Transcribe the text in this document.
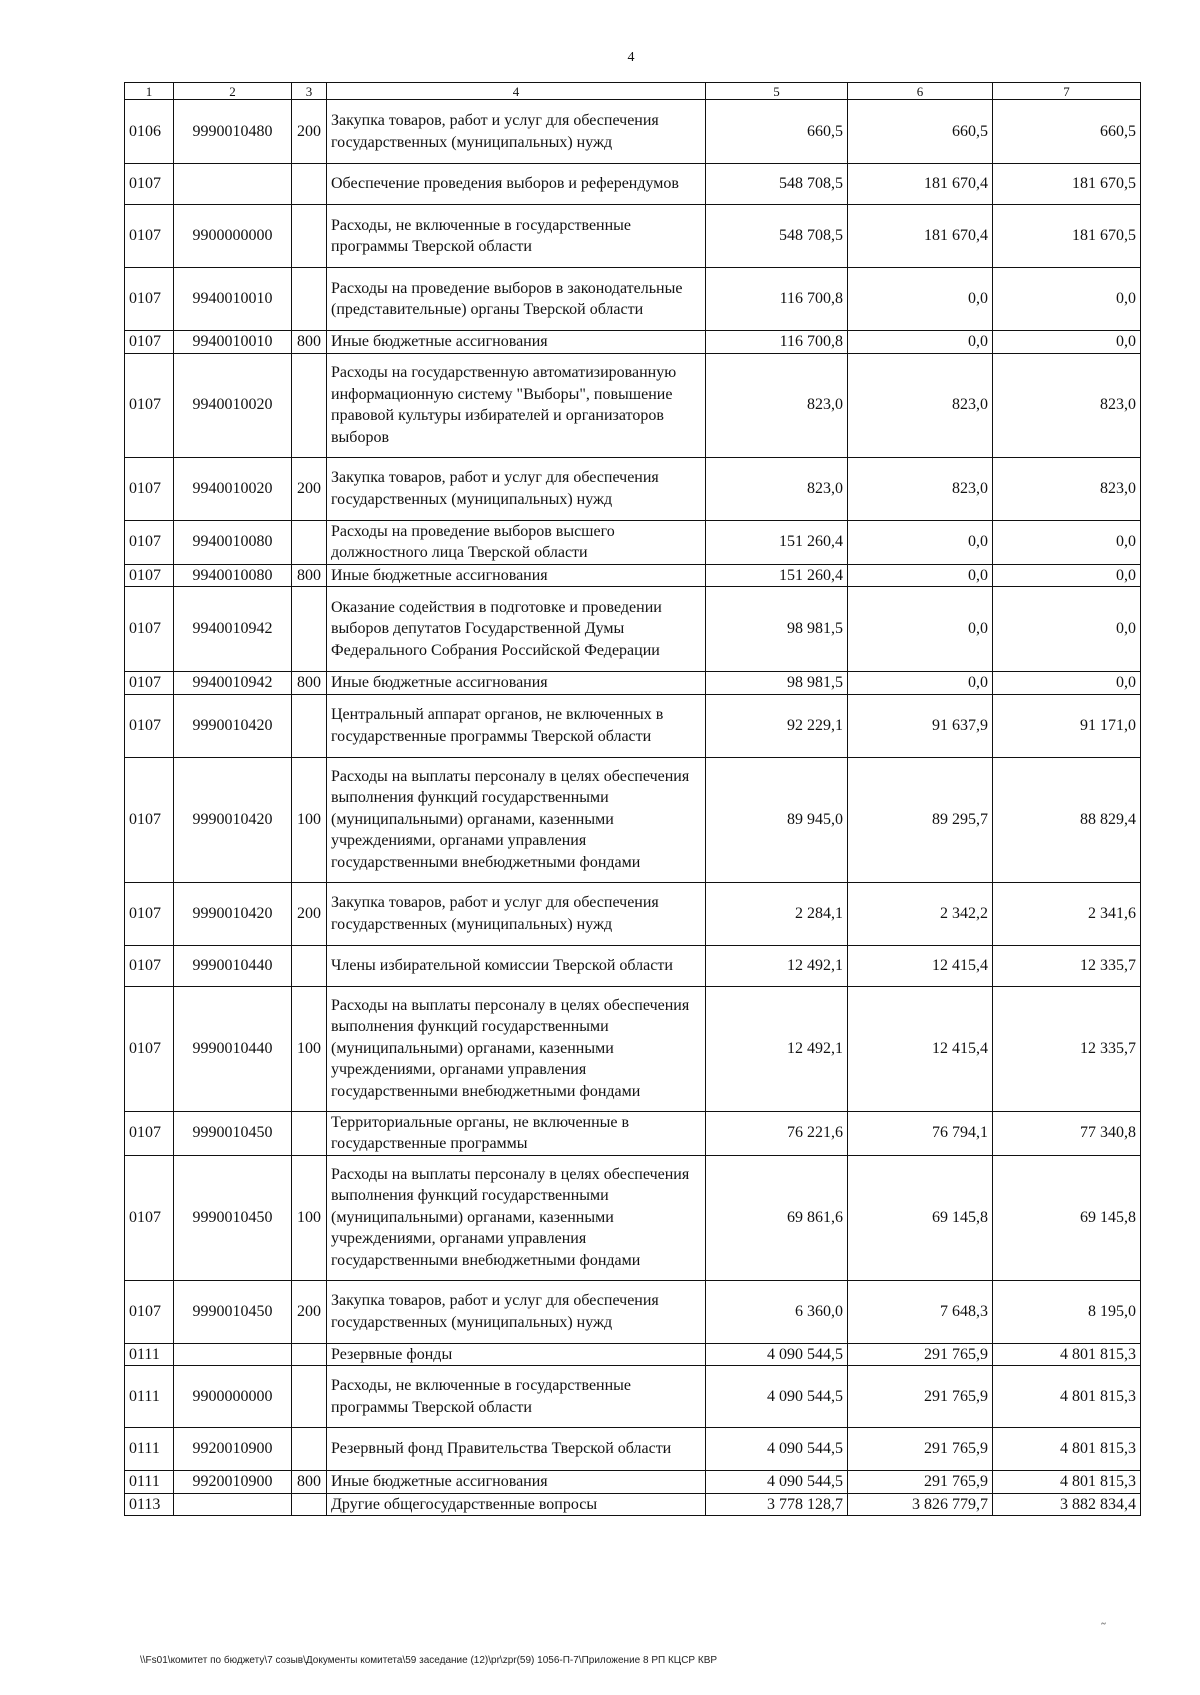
4
1	2	3	4	5	6	7
0106	9990010480	200	Закупка товаров, работ и услуг для обеспечения государственных (муниципальных) нужд	660,5	660,5	660,5
0107			Обеспечение проведения выборов и референдумов	548 708,5	181 670,4	181 670,5
0107	9900000000		Расходы, не включенные в государственные программы Тверской области	548 708,5	181 670,4	181 670,5
0107	9940010010		Расходы на проведение выборов в законодательные (представительные) органы Тверской области	116 700,8	0,0	0,0
0107	9940010010	800	Иные бюджетные ассигнования	116 700,8	0,0	0,0
0107	9940010020		Расходы на государственную автоматизированную информационную систему "Выборы", повышение правовой культуры избирателей и организаторов выборов	823,0	823,0	823,0
0107	9940010020	200	Закупка товаров, работ и услуг для обеспечения государственных (муниципальных) нужд	823,0	823,0	823,0
0107	9940010080		Расходы на проведение выборов высшего должностного лица Тверской области	151 260,4	0,0	0,0
0107	9940010080	800	Иные бюджетные ассигнования	151 260,4	0,0	0,0
0107	9940010942		Оказание содействия в подготовке и проведении выборов депутатов Государственной Думы Федерального Собрания Российской Федерации	98 981,5	0,0	0,0
0107	9940010942	800	Иные бюджетные ассигнования	98 981,5	0,0	0,0
0107	9990010420		Центральный аппарат органов, не включенных в государственные программы Тверской области	92 229,1	91 637,9	91 171,0
0107	9990010420	100	Расходы на выплаты персоналу в целях обеспечения выполнения функций государственными (муниципальными) органами, казенными учреждениями, органами управления государственными внебюджетными фондами	89 945,0	89 295,7	88 829,4
0107	9990010420	200	Закупка товаров, работ и услуг для обеспечения государственных (муниципальных) нужд	2 284,1	2 342,2	2 341,6
0107	9990010440		Члены избирательной комиссии Тверской области	12 492,1	12 415,4	12 335,7
0107	9990010440	100	Расходы на выплаты персоналу в целях обеспечения выполнения функций государственными (муниципальными) органами, казенными учреждениями, органами управления государственными внебюджетными фондами	12 492,1	12 415,4	12 335,7
0107	9990010450		Территориальные органы, не включенные в государственные программы	76 221,6	76 794,1	77 340,8
0107	9990010450	100	Расходы на выплаты персоналу в целях обеспечения выполнения функций государственными (муниципальными) органами, казенными учреждениями, органами управления государственными внебюджетными фондами	69 861,6	69 145,8	69 145,8
0107	9990010450	200	Закупка товаров, работ и услуг для обеспечения государственных (муниципальных) нужд	6 360,0	7 648,3	8 195,0
0111			Резервные фонды	4 090 544,5	291 765,9	4 801 815,3
0111	9900000000		Расходы, не включенные в государственные программы Тверской области	4 090 544,5	291 765,9	4 801 815,3
0111	9920010900		Резервный фонд Правительства Тверской области	4 090 544,5	291 765,9	4 801 815,3
0111	9920010900	800	Иные бюджетные ассигнования	4 090 544,5	291 765,9	4 801 815,3
0113			Другие общегосударственные вопросы	3 778 128,7	3 826 779,7	3 882 834,4
\\Fs01\комитет по бюджету\7 созыв\Документы комитета\59 заседание (12)\pr\zpr(59) 1056-П-7\Приложение 8 РП КЦСР КВР
˷
